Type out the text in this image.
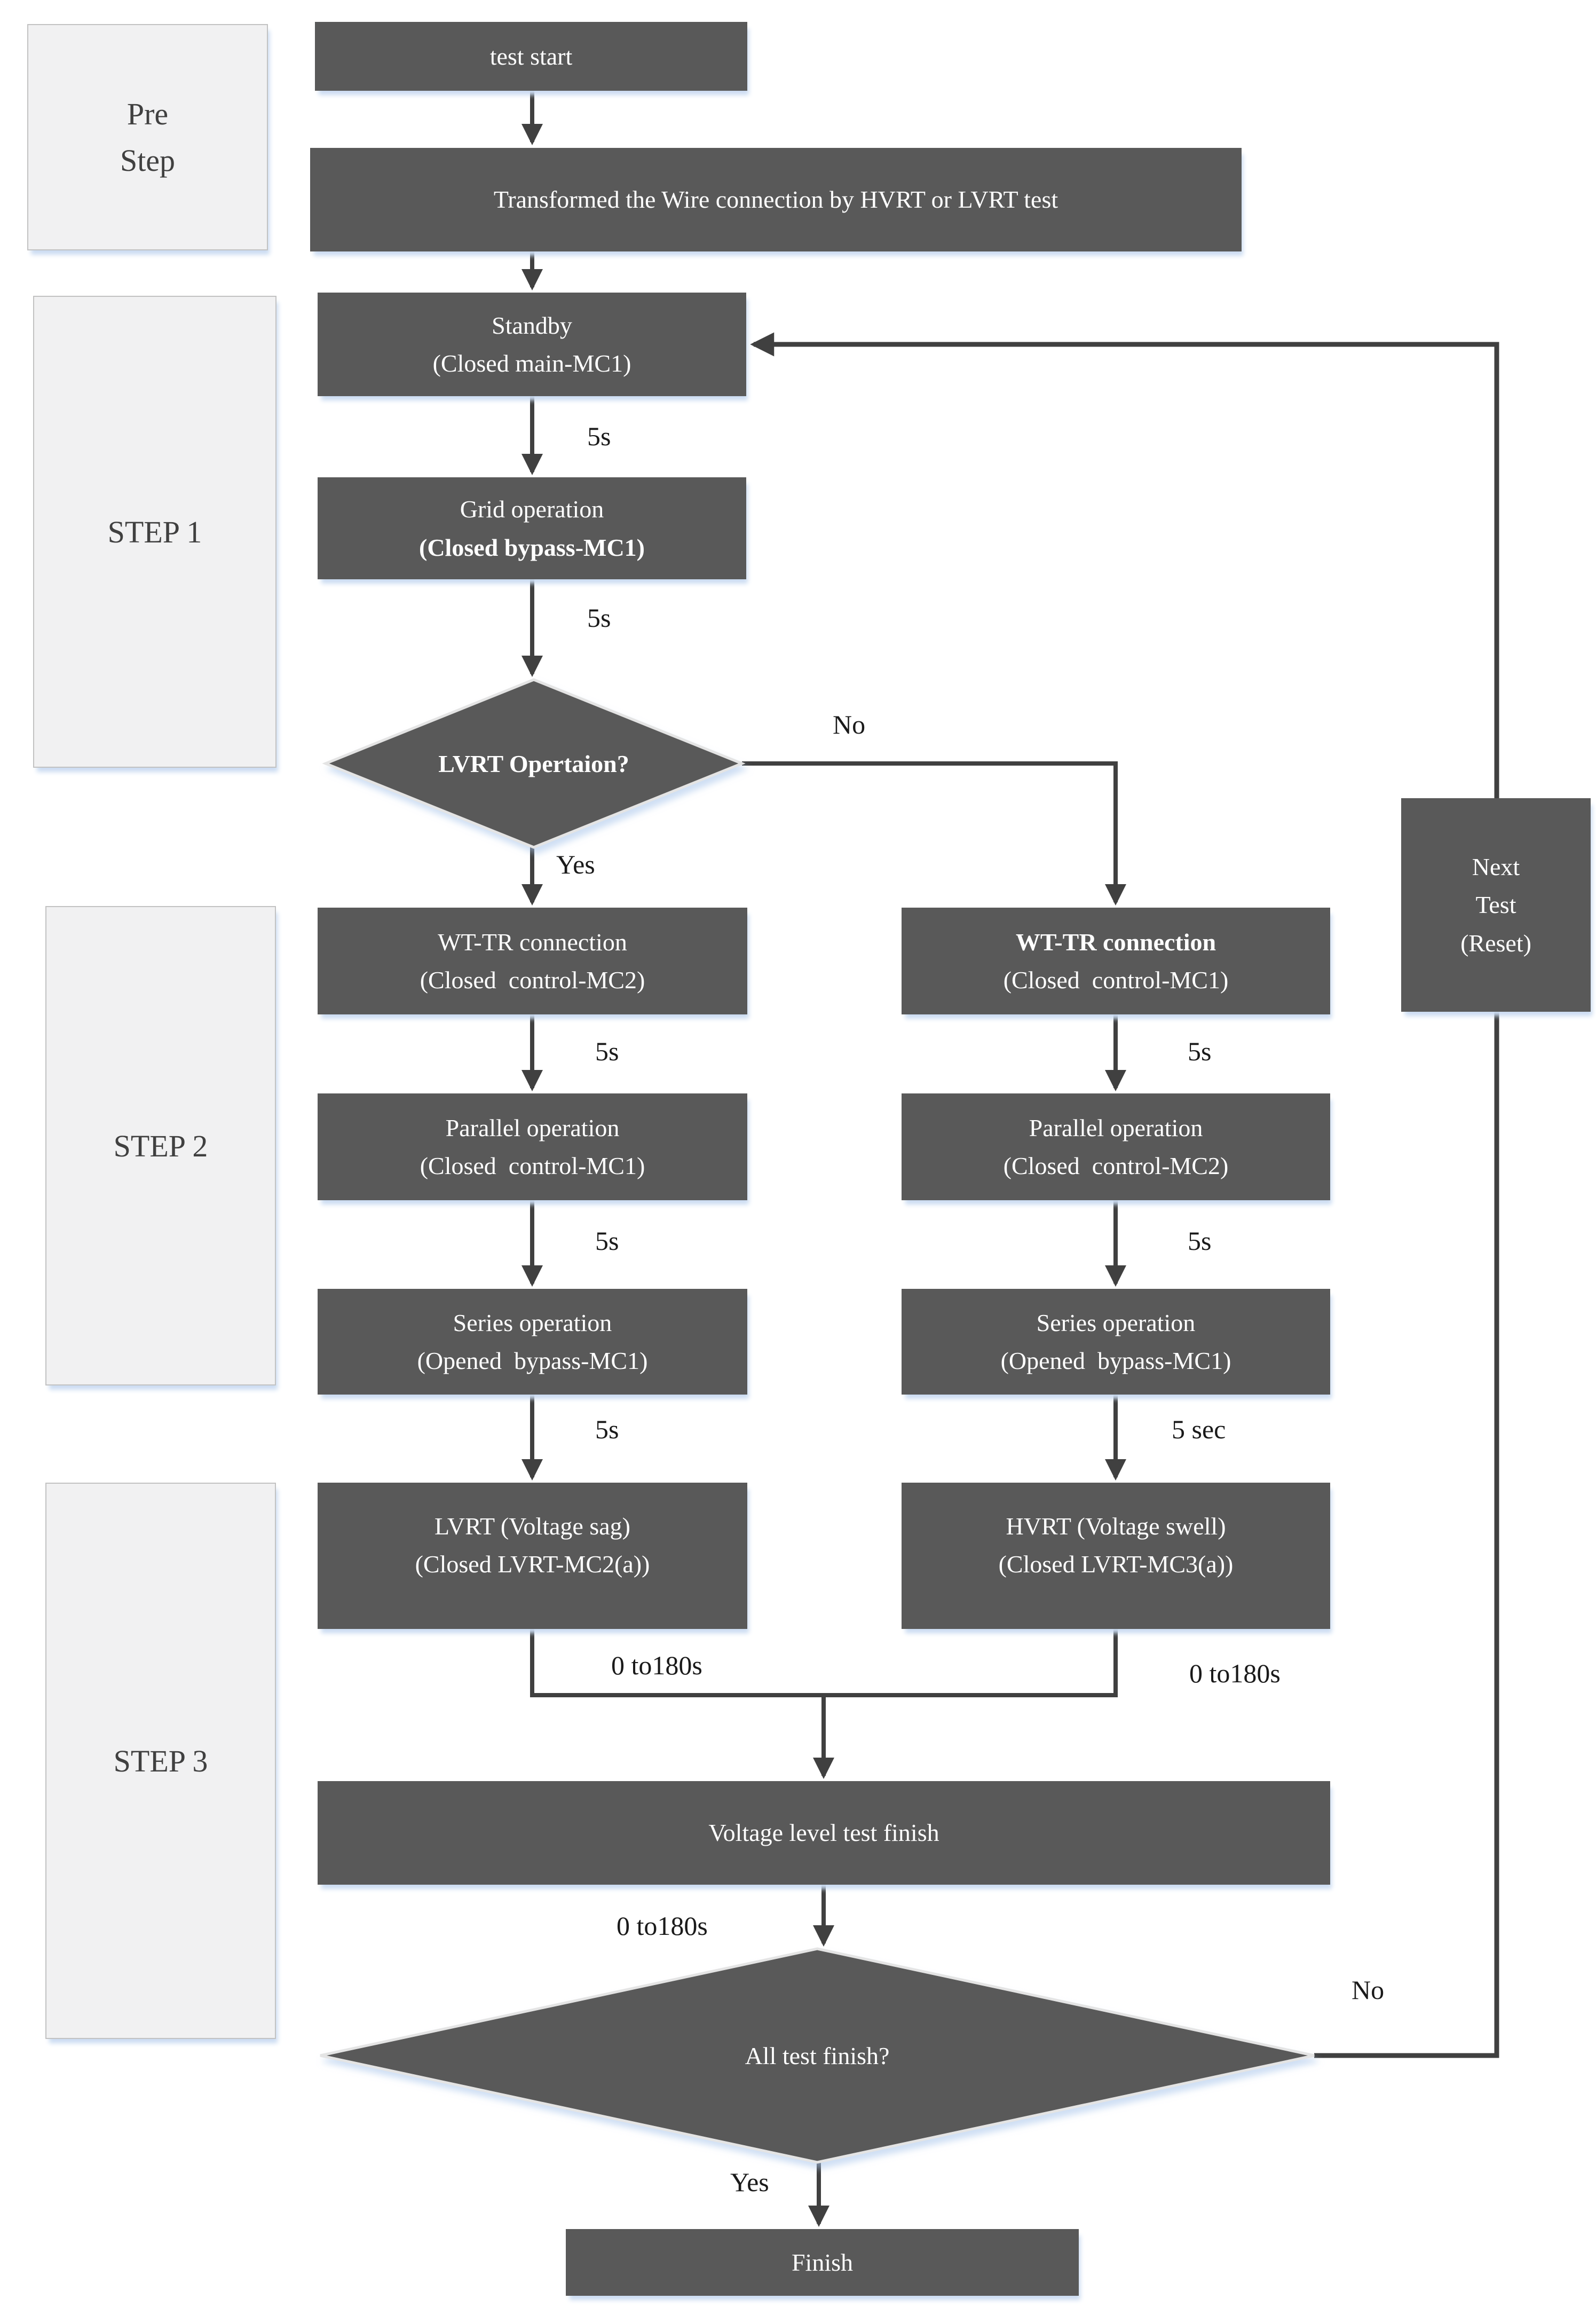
Pre
Step
STEP 1
STEP 2
STEP 3
test start
Transformed the Wire connection by HVRT or LVRT test
Standby
(Closed main-MC1)
Grid operation
(Closed bypass-MC1)
LVRT Opertaion?
WT-TR connection
(Closed  control-MC2)
WT-TR connection
(Closed  control-MC1)
Parallel operation
(Closed  control-MC1)
Parallel operation
(Closed  control-MC2)
Series operation
(Opened  bypass-MC1)
Series operation
(Opened  bypass-MC1)
LVRT (Voltage sag)
(Closed LVRT-MC2(a))
HVRT (Voltage swell)
(Closed LVRT-MC3(a))
Next
Test
(Reset)
Voltage level test finish
All test finish?
Finish
5s
5s
5s	5s
5s	5s
5s	5 sec
0 to180s	0 to180s
0 to180s
No
Yes
No
Yes
